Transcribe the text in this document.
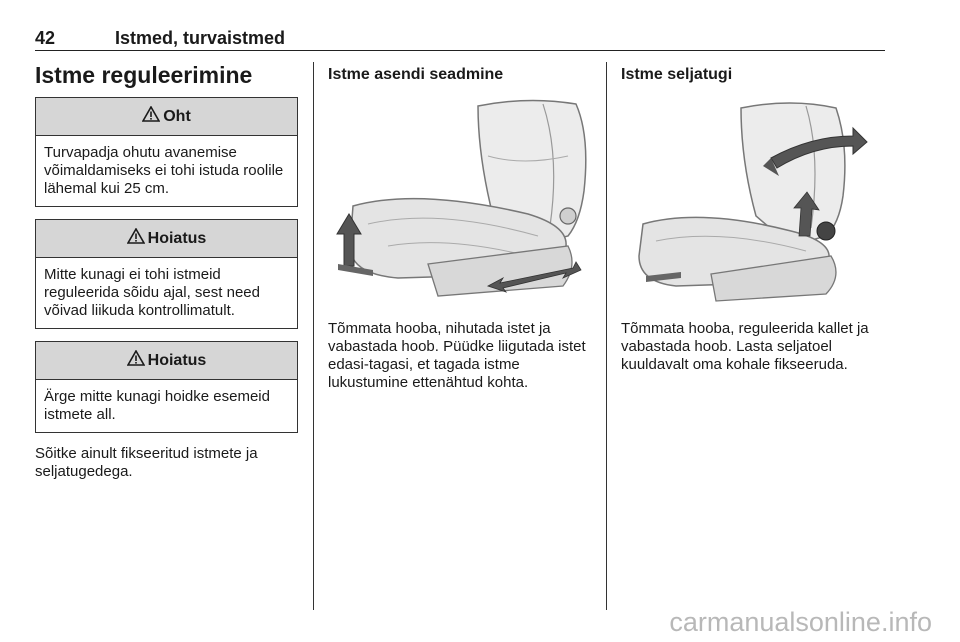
42	Istmed, turvaistmed
Istme reguleerimine
Oht
Turvapadja ohutu avanemise võimaldamiseks ei tohi istuda roolile lähemal kui 25 cm.
Hoiatus
Mitte kunagi ei tohi istmeid reguleerida sõidu ajal, sest need võivad liikuda kontrollimatult.
Hoiatus
Ärge mitte kunagi hoidke esemeid istmete all.
Sõitke ainult fikseeritud istmete ja seljatugedega.
Istme asendi seadmine
Tõmmata hooba, nihutada istet ja vabastada hoob. Püüdke liigutada istet edasi-tagasi, et tagada istme lukustumine ettenähtud kohta.
Istme seljatugi
Tõmmata hooba, reguleerida kallet ja vabastada hoob. Lasta seljatoel kuuldavalt oma kohale fikseeruda.
carmanualsonline.info
